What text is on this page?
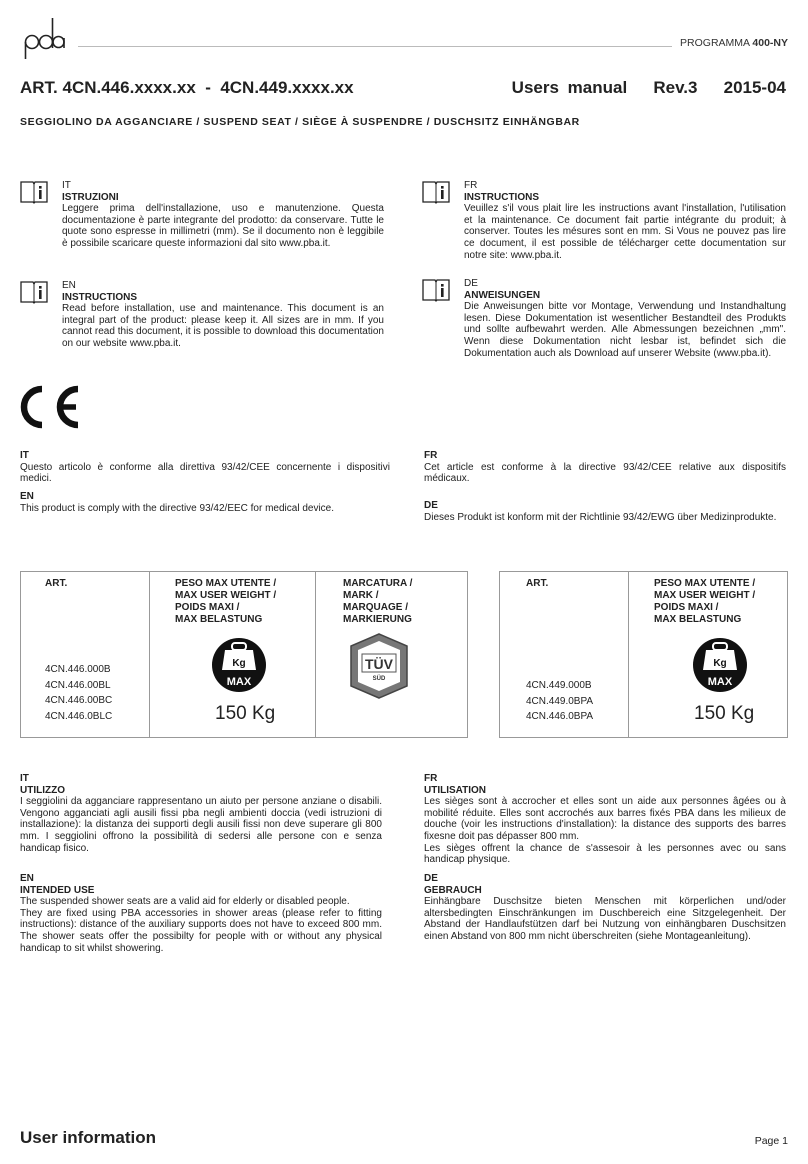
PROGRAMMA 400-NY
ART. 4CN.446.xxxx.xx  -  4CN.449.xxxx.xx	Users manual   Rev.3   2015-04
SEGGIOLINO DA AGGANCIARE / SUSPEND SEAT / SIÈGE À SUSPENDRE / DUSCHSITZ EINHÄNGBAR
IT
ISTRUZIONI
Leggere prima dell'installazione, uso e manutenzione. Questa documentazione è parte integrante del prodotto: da conservare. Tutte le quote sono espresse in millimetri (mm). Se il documento non è leggibile è possibile scaricare queste informazioni dal sito www.pba.it.
FR
INSTRUCTIONS
Veuillez s'il vous plait lire les instructions avant l'installation, l'utilisation et la maintenance. Ce document fait partie intégrante du produit; à conserver. Toutes les mésures sont en mm. Si Vous ne pouvez pas lire ce document, il est possible de télécharger cette documentation sur notre site: www.pba.it.
EN
INSTRUCTIONS
Read before installation, use and maintenance. This document is an integral part of the product: please keep it. All sizes are in mm. If you cannot read this document, it is possible to download this documentation on our website www.pba.it.
DE
ANWEISUNGEN
Die Anweisungen bitte vor Montage, Verwendung und Instandhaltung lesen. Diese Dokumentation ist wesentlicher Bestandteil des Produkts und sollte aufbewahrt werden. Alle Abmessungen bezeichnen „mm". Wenn diese Dokumentation nicht lesbar ist, befindet sich die Dokumentation auch als Download auf unserer Website (www.pba.it).
IT
Questo articolo è conforme alla direttiva 93/42/CEE concernente i dispositivi medici.
EN
This product is comply with the directive 93/42/EEC for medical device.
FR
Cet article est conforme à la directive 93/42/CEE relative aux dispositifs médicaux.
DE
Dieses Produkt ist konform mit der Richtlinie 93/42/EWG über Medizinprodukte.
ART.
4CN.446.000B
4CN.446.00BL
4CN.446.00BC
4CN.446.0BLC
PESO MAX UTENTE /
MAX USER WEIGHT /
POIDS MAXI /
MAX BELASTUNG
Kg
MAX
150 Kg
MARCATURA /
MARK /
MARQUAGE /
MARKIERUNG
TÜV
SÜD
ART.
4CN.449.000B
4CN.449.0BPA
4CN.446.0BPA
PESO MAX UTENTE /
MAX USER WEIGHT /
POIDS MAXI /
MAX BELASTUNG
Kg
MAX
150 Kg
IT
UTILIZZO
I seggiolini da agganciare rappresentano un aiuto per persone anziane o disabili. Vengono agganciati agli ausili fissi pba negli ambienti doccia (vedi istruzioni di installazione): la distanza dei supporti degli ausili fissi non deve superare gli 800 mm. I seggiolini offrono la possibilità di sedersi alle persone con e senza handicap fisico.
EN
INTENDED USE
The suspended shower seats are a valid aid for elderly or disabled people.
They are fixed using PBA accessories in shower areas (please refer to fitting instructions): distance of the auxiliary supports does not have to exceed 800 mm. The shower seats offer the possibilty for people with or without any physical handicap to sit whilst showering.
FR
UTILISATION
Les sièges sont à accrocher et elles sont un aide aux personnes âgées ou à mobilité réduite. Elles sont accrochés aux barres fixés PBA dans les milieux de douche (voir les instructions d'installation): la distance des supports des barres fixesne doit pas dépasser 800 mm.
Les sièges offrent la chance de s'assesoir à les personnes avec ou sans handicap physique.
DE
GEBRAUCH
Einhängbare Duschsitze bieten Menschen mit körperlichen und/oder altersbedingten Einschränkungen im Duschbereich eine Sitzgelegenheit. Der Abstand der Handlaufstützen darf bei Nutzung von einhängbaren Duschsitzen einen Abstand von 800 mm nicht überschreiten (siehe Montageanleitung).
User information	Page 1
